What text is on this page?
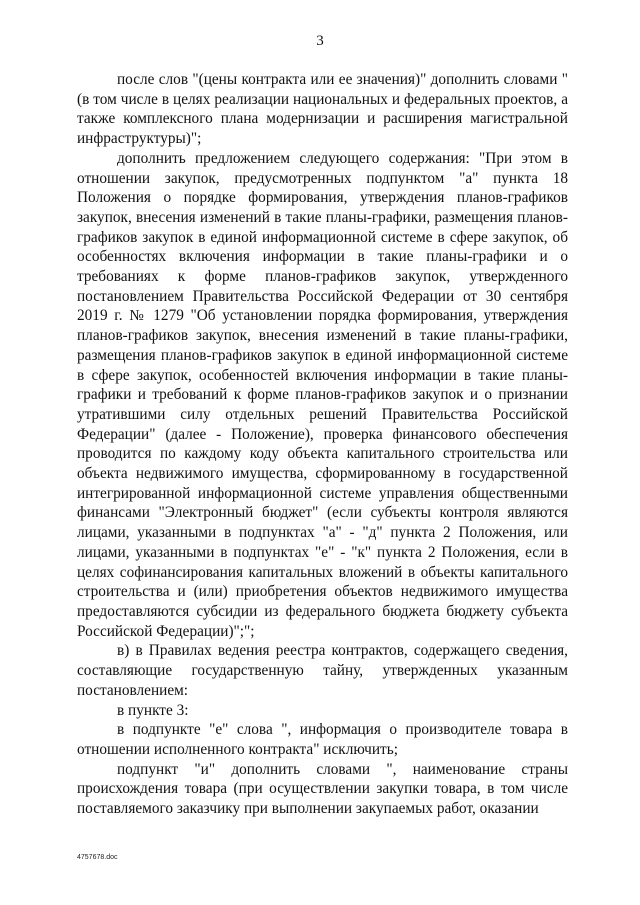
3

после слов "(цены контракта или ее значения)" дополнить словами "(в том числе в целях реализации национальных и федеральных проектов, а также комплексного плана модернизации и расширения магистральной инфраструктуры)";

дополнить предложением следующего содержания: "При этом в отношении закупок, предусмотренных подпунктом "а" пункта 18 Положения о порядке формирования, утверждения планов-графиков закупок, внесения изменений в такие планы-графики, размещения планов-графиков закупок в единой информационной системе в сфере закупок, об особенностях включения информации в такие планы-графики и о требованиях к форме планов-графиков закупок, утвержденного постановлением Правительства Российской Федерации от 30 сентября 2019 г. № 1279 "Об установлении порядка формирования, утверждения планов-графиков закупок, внесения изменений в такие планы-графики, размещения планов-графиков закупок в единой информационной системе в сфере закупок, особенностей включения информации в такие планы-графики и требований к форме планов-графиков закупок и о признании утратившими силу отдельных решений Правительства Российской Федерации" (далее - Положение), проверка финансового обеспечения проводится по каждому коду объекта капитального строительства или объекта недвижимого имущества, сформированному в государственной интегрированной информационной системе управления общественными финансами "Электронный бюджет" (если субъекты контроля являются лицами, указанными в подпунктах "а" - "д" пункта 2 Положения, или лицами, указанными в подпунктах "е" - "к" пункта 2 Положения, если в целях софинансирования капитальных вложений в объекты капитального строительства и (или) приобретения объектов недвижимого имущества предоставляются субсидии из федерального бюджета бюджету субъекта Российской Федерации)";";

в) в Правилах ведения реестра контрактов, содержащего сведения, составляющие государственную тайну, утвержденных указанным постановлением:

в пункте 3:

в подпункте "е" слова ", информация о производителе товара в отношении исполненного контракта" исключить;

подпункт "и" дополнить словами ", наименование страны происхождения товара (при осуществлении закупки товара, в том числе поставляемого заказчику при выполнении закупаемых работ, оказании

4757678.doc
